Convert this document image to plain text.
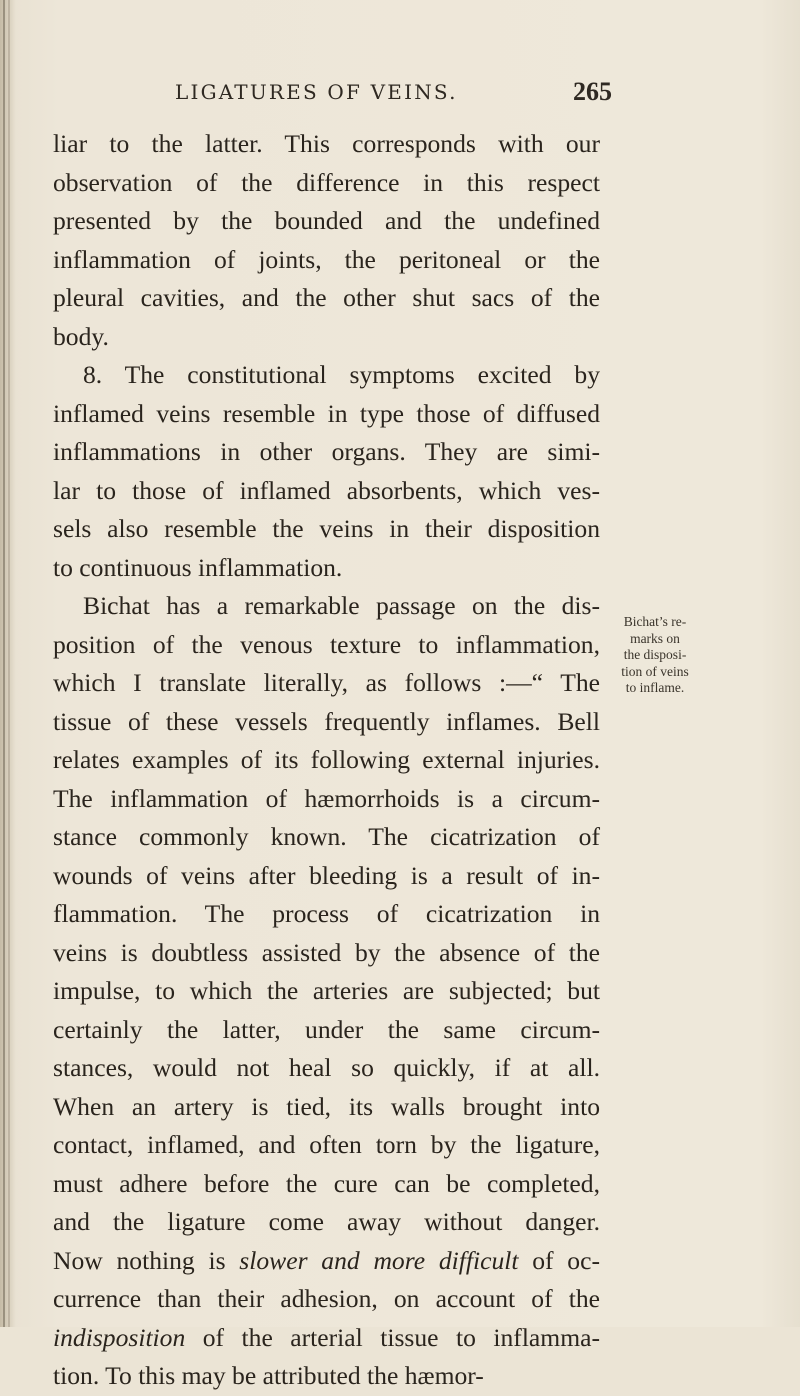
LIGATURES OF VEINS.	265
liar to the latter. This corresponds with our
observation of the difference in this respect
presented by the bounded and the undefined
inflammation of joints, the peritoneal or the
pleural cavities, and the other shut sacs of the
body.
8. The constitutional symptoms excited by
inflamed veins resemble in type those of diffused
inflammations in other organs. They are simi-
lar to those of inflamed absorbents, which ves-
sels also resemble the veins in their disposition
to continuous inflammation.
Bichat has a remarkable passage on the dis-
position of the venous texture to inflammation,
which I translate literally, as follows :—“ The
tissue of these vessels frequently inflames. Bell
relates examples of its following external injuries.
The inflammation of hæmorrhoids is a circum-
stance commonly known. The cicatrization of
wounds of veins after bleeding is a result of in-
flammation. The process of cicatrization in
veins is doubtless assisted by the absence of the
impulse, to which the arteries are subjected; but
certainly the latter, under the same circum-
stances, would not heal so quickly, if at all.
When an artery is tied, its walls brought into
contact, inflamed, and often torn by the ligature,
must adhere before the cure can be completed,
and the ligature come away without danger.
Now nothing is slower and more difficult of oc-
currence than their adhesion, on account of the
indisposition of the arterial tissue to inflamma-
tion. To this may be attributed the hæmor-
Bichat’s re-
marks on
the disposi-
tion of veins
to inflame.
